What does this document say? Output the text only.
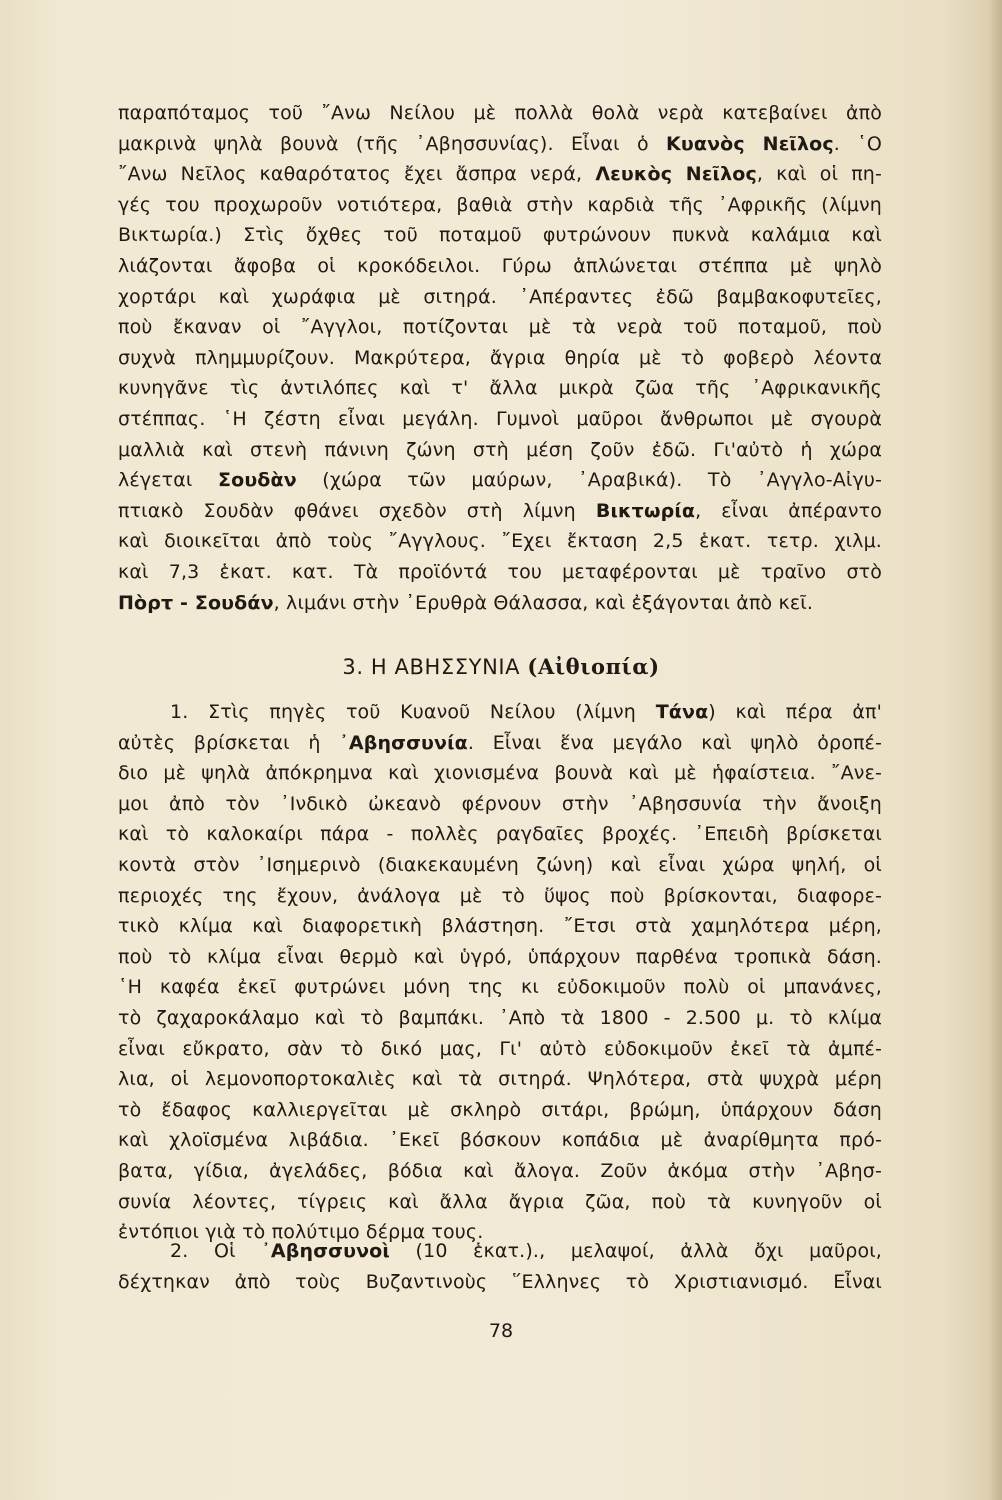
παραπόταμος τοῦ ῎Ανω Νείλου μὲ πολλὰ θολὰ νερὰ κατεβαίνει ἀπὸ
μακρινὰ ψηλὰ βουνὰ (τῆς ᾿Αβησσυνίας). Εἶναι ὁ Κυανὸς Νεῖλος. ῾Ο
῎Ανω Νεῖλος καθαρότατος ἔχει ἄσπρα νερά, Λευκὸς Νεῖλος, καὶ οἱ πη-
γές του προχωροῦν νοτιότερα, βαθιὰ στὴν καρδιὰ τῆς ᾿Αφρικῆς (λίμνη
Βικτωρία.) Στὶς ὄχθες τοῦ ποταμοῦ φυτρώνουν πυκνὰ καλάμια καὶ
λιάζονται ἄφοβα οἱ κροκόδειλοι. Γύρω ἁπλώνεται στέππα μὲ ψηλὸ
χορτάρι καὶ χωράφια μὲ σιτηρά. ᾿Απέραντες ἐδῶ βαμβακοφυτεῖες,
ποὺ ἔκαναν οἱ ῎Αγγλοι, ποτίζονται μὲ τὰ νερὰ τοῦ ποταμοῦ, ποὺ
συχνὰ πλημμυρίζουν. Μακρύτερα, ἄγρια θηρία μὲ τὸ φοβερὸ λέοντα
κυνηγᾶνε τὶς ἀντιλόπες καὶ τ' ἄλλα μικρὰ ζῶα τῆς ᾿Αφρικανικῆς
στέππας. ῾Η ζέστη εἶναι μεγάλη. Γυμνοὶ μαῦροι ἄνθρωποι μὲ σγουρὰ
μαλλιὰ καὶ στενὴ πάνινη ζώνη στὴ μέση ζοῦν ἐδῶ. Γι'αὐτὸ ἡ χώρα
λέγεται Σουδὰν (χώρα τῶν μαύρων, ᾿Αραβικά). Τὸ ᾿Αγγλο-Αἰγυ-
πτιακὸ Σουδὰν φθάνει σχεδὸν στὴ λίμνη Βικτωρία, εἶναι ἀπέραντο
καὶ διοικεῖται ἀπὸ τοὺς ῎Αγγλους. ῎Εχει ἔκταση 2,5 ἑκατ. τετρ. χιλμ.
καὶ 7,3 ἑκατ. κατ. Τὰ προϊόντά του μεταφέρονται μὲ τραῖνο στὸ
Πὸρτ - Σουδάν, λιμάνι στὴν ᾿Ερυθρὰ Θάλασσα, καὶ ἐξάγονται ἀπὸ κεῖ.
3. Η ΑΒΗΣΣΥΝΙΑ (Αἰθιοπία)
1. Στὶς πηγὲς τοῦ Κυανοῦ Νείλου (λίμνη Τάνα) καὶ πέρα ἀπ'
αὐτὲς βρίσκεται ἡ ᾿Αβησσυνία. Εἶναι ἕνα μεγάλο καὶ ψηλὸ ὀροπέ-
διο μὲ ψηλὰ ἀπόκρημνα καὶ χιονισμένα βουνὰ καὶ μὲ ἡφαίστεια. ῎Ανε-
μοι ἀπὸ τὸν ᾿Ινδικὸ ὠκεανὸ φέρνουν στὴν ᾿Αβησσυνία τὴν ἄνοιξη
καὶ τὸ καλοκαίρι πάρα - πολλὲς ραγδαῖες βροχές. ᾿Επειδὴ βρίσκεται
κοντὰ στὸν ᾿Ισημερινὸ (διακεκαυμένη ζώνη) καὶ εἶναι χώρα ψηλή, οἱ
περιοχές της ἔχουν, ἀνάλογα μὲ τὸ ὕψος ποὺ βρίσκονται, διαφορε-
τικὸ κλίμα καὶ διαφορετικὴ βλάστηση. ῎Ετσι στὰ χαμηλότερα μέρη,
ποὺ τὸ κλίμα εἶναι θερμὸ καὶ ὑγρό, ὑπάρχουν παρθένα τροπικὰ δάση.
῾Η καφέα ἐκεῖ φυτρώνει μόνη της κι εὐδοκιμοῦν πολὺ οἱ μπανάνες,
τὸ ζαχαροκάλαμο καὶ τὸ βαμπάκι. ᾿Απὸ τὰ 1800 - 2.500 μ. τὸ κλίμα
εἶναι εὔκρατο, σὰν τὸ δικό μας, Γι' αὐτὸ εὐδοκιμοῦν ἐκεῖ τὰ ἀμπέ-
λια, οἱ λεμονοπορτοκαλιὲς καὶ τὰ σιτηρά. Ψηλότερα, στὰ ψυχρὰ μέρη
τὸ ἔδαφος καλλιεργεῖται μὲ σκληρὸ σιτάρι, βρώμη, ὑπάρχουν δάση
καὶ χλοϊσμένα λιβάδια. ᾿Εκεῖ βόσκουν κοπάδια μὲ ἀναρίθμητα πρό-
βατα, γίδια, ἀγελάδες, βόδια καὶ ἄλογα. Ζοῦν ἀκόμα στὴν ᾿Αβησ-
συνία λέοντες, τίγρεις καὶ ἄλλα ἄγρια ζῶα, ποὺ τὰ κυνηγοῦν οἱ
ἐντόπιοι γιὰ τὸ πολύτιμο δέρμα τους.
2. Οἱ ᾿Αβησσυνοὶ (10 ἑκατ.)., μελαψοί, ἀλλὰ ὄχι μαῦροι,
δέχτηκαν ἀπὸ τοὺς Βυζαντινοὺς ῞Ελληνες τὸ Χριστιανισμό. Εἶναι
78
